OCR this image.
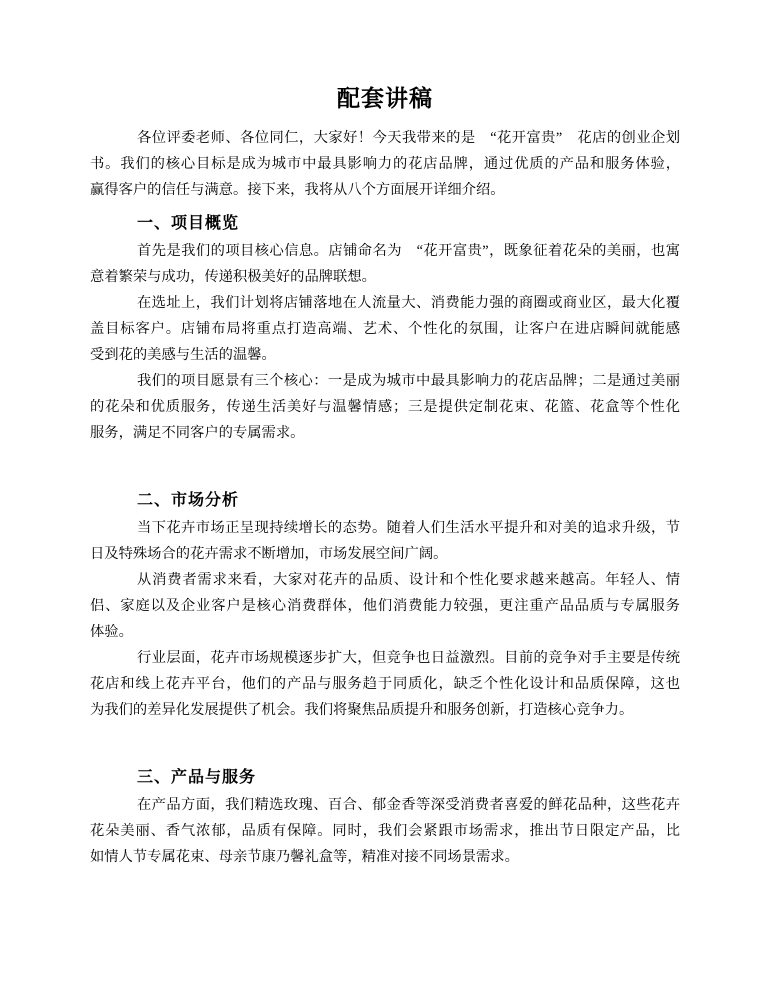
配套讲稿
各位评委老师、各位同仁，大家好！今天我带来的是　“花开富贵”　花店的创业企划
书。我们的核心目标是成为城市中最具影响力的花店品牌，通过优质的产品和服务体验，
赢得客户的信任与满意。接下来，我将从八个方面展开详细介绍。
一、项目概览
首先是我们的项目核心信息。店铺命名为　“花开富贵”，既象征着花朵的美丽，也寓
意着繁荣与成功，传递积极美好的品牌联想。
在选址上，我们计划将店铺落地在人流量大、消费能力强的商圈或商业区，最大化覆
盖目标客户。店铺布局将重点打造高端、艺术、个性化的氛围，让客户在进店瞬间就能感
受到花的美感与生活的温馨。
我们的项目愿景有三个核心：一是成为城市中最具影响力的花店品牌；二是通过美丽
的花朵和优质服务，传递生活美好与温馨情感；三是提供定制花束、花篮、花盒等个性化
服务，满足不同客户的专属需求。
二、市场分析
当下花卉市场正呈现持续增长的态势。随着人们生活水平提升和对美的追求升级，节
日及特殊场合的花卉需求不断增加，市场发展空间广阔。
从消费者需求来看，大家对花卉的品质、设计和个性化要求越来越高。年轻人、情
侣、家庭以及企业客户是核心消费群体，他们消费能力较强，更注重产品品质与专属服务
体验。
行业层面，花卉市场规模逐步扩大，但竞争也日益激烈。目前的竞争对手主要是传统
花店和线上花卉平台，他们的产品与服务趋于同质化，缺乏个性化设计和品质保障，这也
为我们的差异化发展提供了机会。我们将聚焦品质提升和服务创新，打造核心竞争力。
三、产品与服务
在产品方面，我们精选玫瑰、百合、郁金香等深受消费者喜爱的鲜花品种，这些花卉
花朵美丽、香气浓郁，品质有保障。同时，我们会紧跟市场需求，推出节日限定产品，比
如情人节专属花束、母亲节康乃馨礼盒等，精准对接不同场景需求。
